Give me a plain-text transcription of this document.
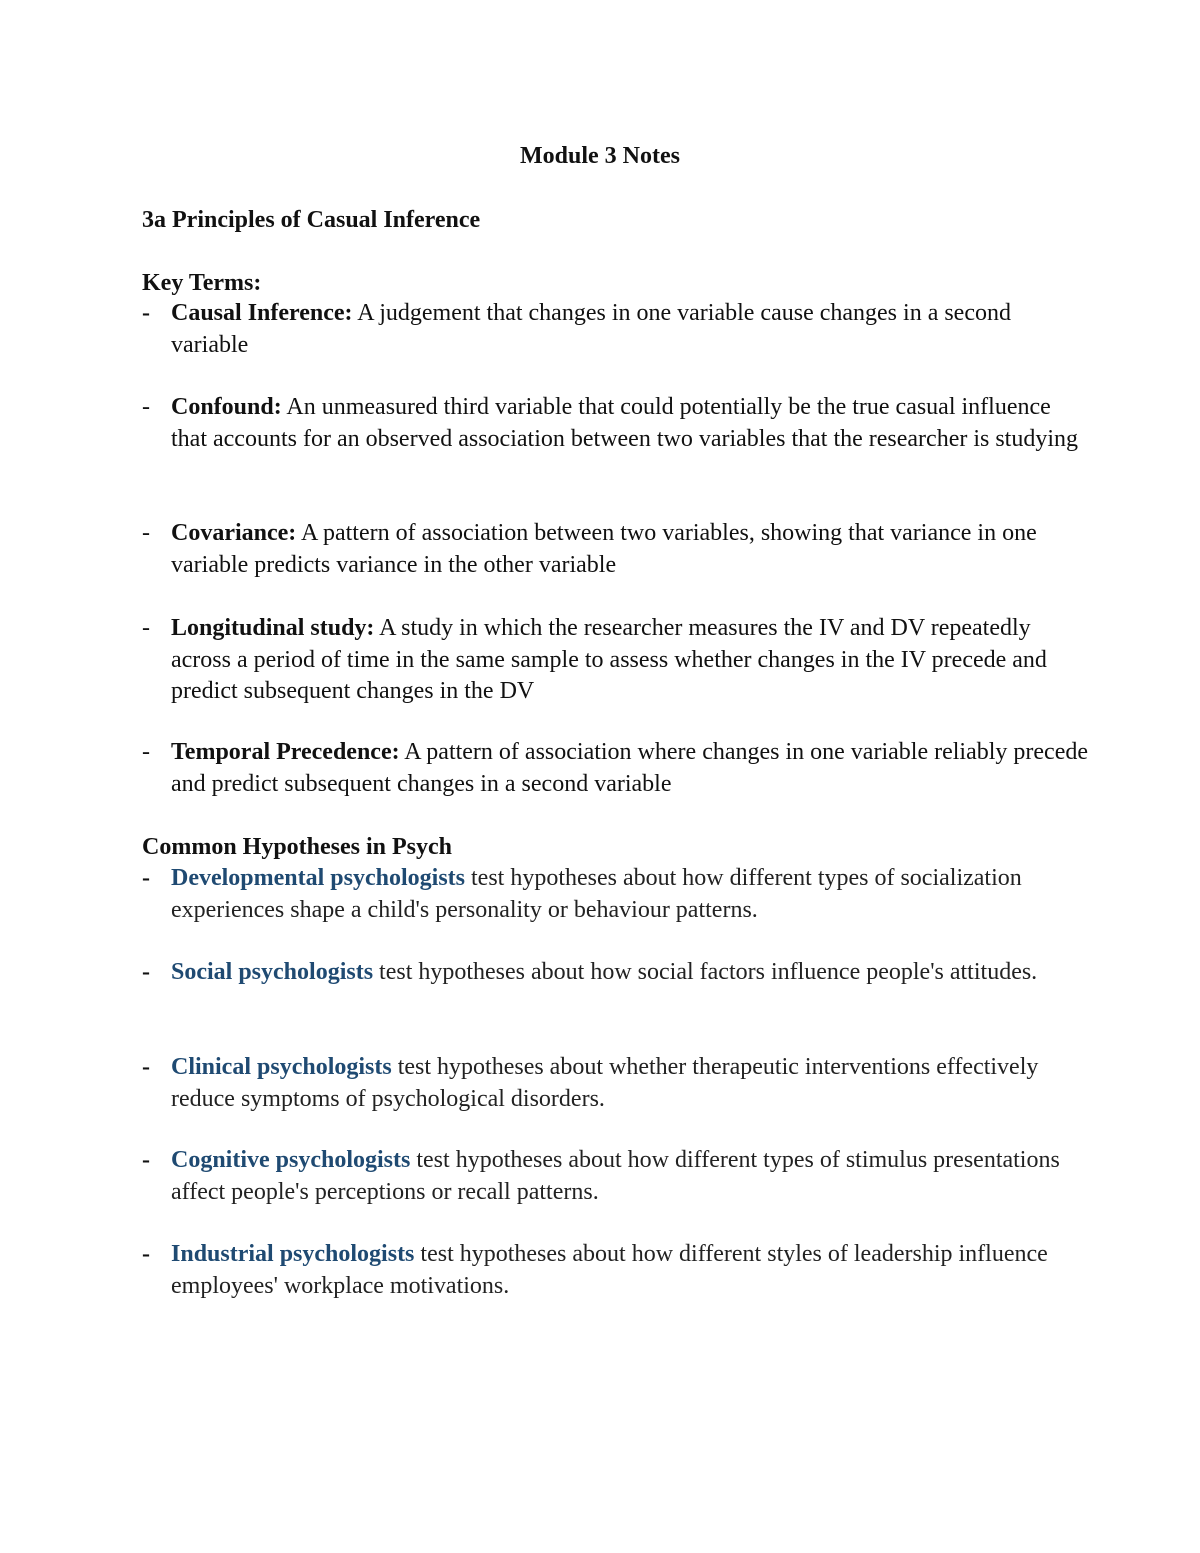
Module 3 Notes
3a Principles of Casual Inference
Key Terms:
- Causal Inference: A judgement that changes in one variable cause changes in a second variable
- Confound: An unmeasured third variable that could potentially be the true casual influence that accounts for an observed association between two variables that the researcher is studying
- Covariance: A pattern of association between two variables, showing that variance in one variable predicts variance in the other variable
- Longitudinal study: A study in which the researcher measures the IV and DV repeatedly across a period of time in the same sample to assess whether changes in the IV precede and predict subsequent changes in the DV
- Temporal Precedence: A pattern of association where changes in one variable reliably precede and predict subsequent changes in a second variable
Common Hypotheses in Psych
- Developmental psychologists test hypotheses about how different types of socialization experiences shape a child's personality or behaviour patterns.
- Social psychologists test hypotheses about how social factors influence people's attitudes.
- Clinical psychologists test hypotheses about whether therapeutic interventions effectively reduce symptoms of psychological disorders.
- Cognitive psychologists test hypotheses about how different types of stimulus presentations affect people's perceptions or recall patterns.
- Industrial psychologists test hypotheses about how different styles of leadership influence employees' workplace motivations.
